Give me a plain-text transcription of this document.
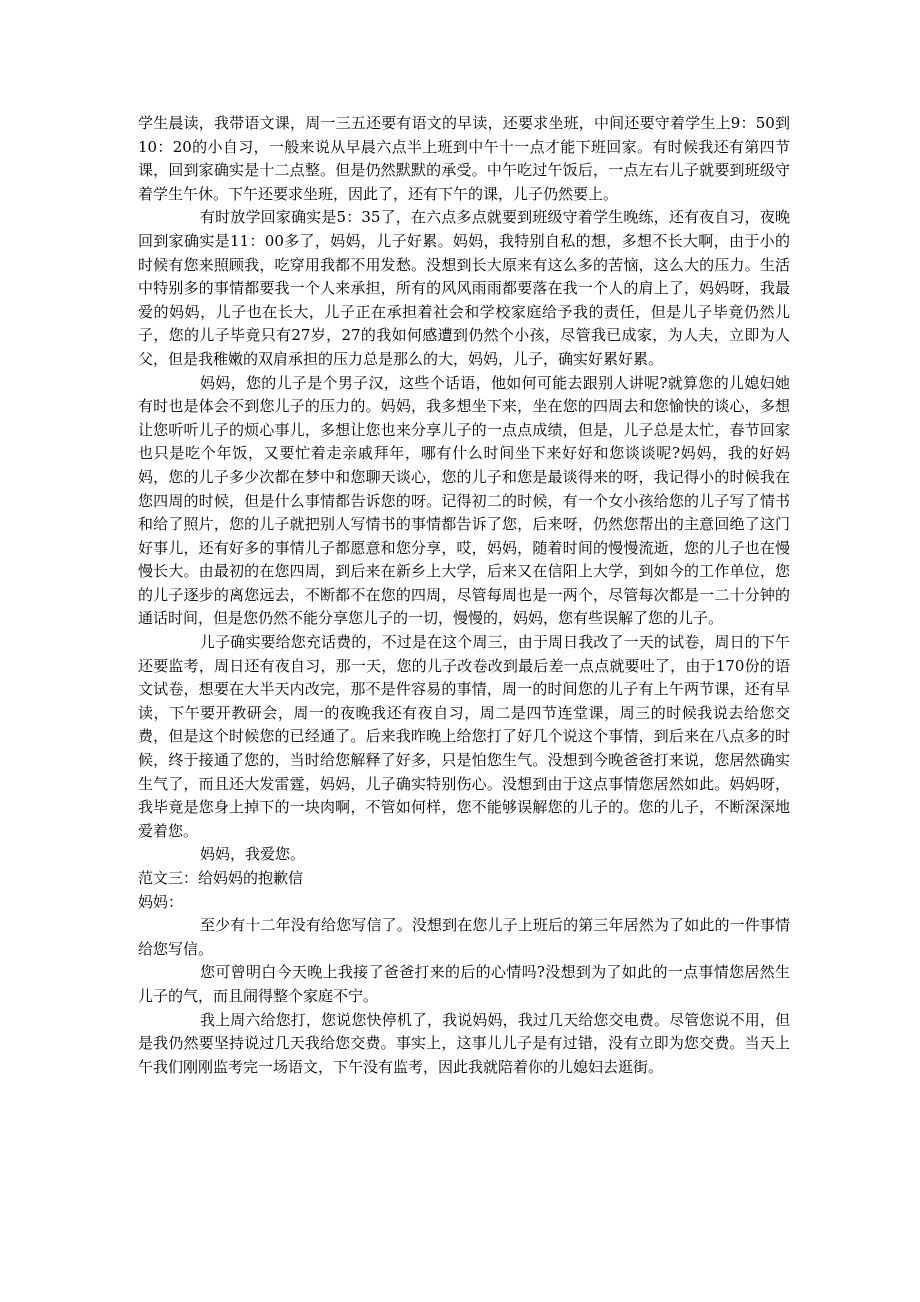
学生晨读，我带语文课，周一三五还要有语文的早读，还要求坐班，中间还要守着学生上9：50到10：20的小自习，一般来说从早晨六点半上班到中午十一点才能下班回家。有时候我还有第四节课，回到家确实是十二点整。但是仍然默默的承受。中午吃过午饭后，一点左右儿子就要到班级守着学生午休。下午还要求坐班，因此了，还有下午的课，儿子仍然要上。

有时放学回家确实是5：35了，在六点多点就要到班级守着学生晚练，还有夜自习，夜晚回到家确实是11：00多了，妈妈，儿子好累。妈妈，我特别自私的想，多想不长大啊，由于小的时候有您来照顾我，吃穿用我都不用发愁。没想到长大原来有这么多的苦恼，这么大的压力。生活中特别多的事情都要我一个人来承担，所有的风风雨雨都要落在我一个人的肩上了，妈妈呀，我最爱的妈妈，儿子也在长大，儿子正在承担着社会和学校家庭给予我的责任，但是儿子毕竟仍然儿子，您的儿子毕竟只有27岁，27的我如何感遭到仍然个小孩，尽管我已成家，为人夫，立即为人父，但是我稚嫩的双肩承担的压力总是那么的大，妈妈，儿子，确实好累好累。

妈妈，您的儿子是个男子汉，这些个话语，他如何可能去跟别人讲呢?就算您的儿媳妇她有时也是体会不到您儿子的压力的。妈妈，我多想坐下来，坐在您的四周去和您愉快的谈心，多想让您听听儿子的烦心事儿，多想让您也来分享儿子的一点点成绩，但是，儿子总是太忙，春节回家也只是吃个年饭，又要忙着走亲戚拜年，哪有什么时间坐下来好好和您谈谈呢?妈妈，我的好妈妈，您的儿子多少次都在梦中和您聊天谈心，您的儿子和您是最谈得来的呀，我记得小的时候我在您四周的时候，但是什么事情都告诉您的呀。记得初二的时候，有一个女小孩给您的儿子写了情书和给了照片，您的儿子就把别人写情书的事情都告诉了您，后来呀，仍然您帮出的主意回绝了这门好事儿，还有好多的事情儿子都愿意和您分享，哎，妈妈，随着时间的慢慢流逝，您的儿子也在慢慢长大。由最初的在您四周，到后来在新乡上大学，后来又在信阳上大学，到如今的工作单位，您的儿子逐步的离您远去，不断都不在您的四周，尽管每周也是一两个，尽管每次都是一二十分钟的通话时间，但是您仍然不能分享您儿子的一切，慢慢的，妈妈，您有些误解了您的儿子。

儿子确实要给您充话费的，不过是在这个周三，由于周日我改了一天的试卷，周日的下午还要监考，周日还有夜自习，那一天，您的儿子改卷改到最后差一点点就要吐了，由于170份的语文试卷，想要在大半天内改完，那不是件容易的事情，周一的时间您的儿子有上午两节课，还有早读，下午要开教研会，周一的夜晚我还有夜自习，周二是四节连堂课，周三的时候我说去给您交费，但是这个时候您的已经通了。后来我昨晚上给您打了好几个说这个事情，到后来在八点多的时候，终于接通了您的，当时给您解释了好多，只是怕您生气。没想到今晚爸爸打来说，您居然确实生气了，而且还大发雷霆，妈妈，儿子确实特别伤心。没想到由于这点事情您居然如此。妈妈呀，我毕竟是您身上掉下的一块肉啊，不管如何样，您不能够误解您的儿子的。您的儿子，不断深深地爱着您。

妈妈，我爱您。

范文三：给妈妈的抱歉信

妈妈：

至少有十二年没有给您写信了。没想到在您儿子上班后的第三年居然为了如此的一件事情给您写信。

您可曾明白今天晚上我接了爸爸打来的后的心情吗?没想到为了如此的一点事情您居然生儿子的气，而且闹得整个家庭不宁。

我上周六给您打，您说您快停机了，我说妈妈，我过几天给您交电费。尽管您说不用，但是我仍然要坚持说过几天我给您交费。事实上，这事儿儿子是有过错，没有立即为您交费。当天上午我们刚刚监考完一场语文，下午没有监考，因此我就陪着你的儿媳妇去逛街。
